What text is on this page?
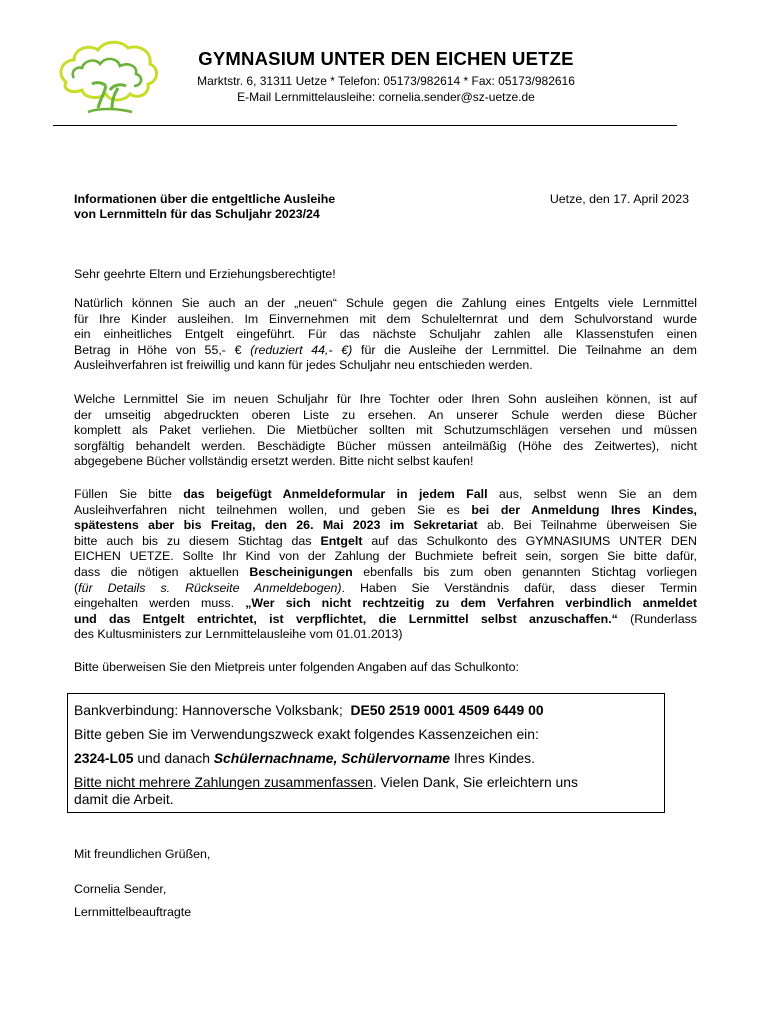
GYMNASIUM UNTER DEN EICHEN UETZE
Marktstr. 6, 31311 Uetze * Telefon: 05173/982614 * Fax: 05173/982616
E-Mail Lernmittelausleihe: cornelia.sender@sz-uetze.de
Informationen über die entgeltliche Ausleihe
von Lernmitteln für das Schuljahr 2023/24
Uetze, den 17. April 2023
Sehr geehrte Eltern und Erziehungsberechtigte!
Natürlich können Sie auch an der „neuen“ Schule gegen die Zahlung eines Entgelts viele Lernmittel
für Ihre Kinder ausleihen. Im Einvernehmen mit dem Schulelternrat und dem Schulvorstand wurde
ein einheitliches Entgelt eingeführt. Für das nächste Schuljahr zahlen alle Klassenstufen einen
Betrag in Höhe von 55,- € (reduziert 44,- €) für die Ausleihe der Lernmittel. Die Teilnahme an dem
Ausleihverfahren ist freiwillig und kann für jedes Schuljahr neu entschieden werden.
Welche Lernmittel Sie im neuen Schuljahr für Ihre Tochter oder Ihren Sohn ausleihen können, ist auf
der umseitig abgedruckten oberen Liste zu ersehen. An unserer Schule werden diese Bücher
komplett als Paket verliehen. Die Mietbücher sollten mit Schutzumschlägen versehen und müssen
sorgfältig behandelt werden. Beschädigte Bücher müssen anteilmäßig (Höhe des Zeitwertes), nicht
abgegebene Bücher vollständig ersetzt werden. Bitte nicht selbst kaufen!
Füllen Sie bitte das beigefügt Anmeldeformular in jedem Fall aus, selbst wenn Sie an dem
Ausleihverfahren nicht teilnehmen wollen, und geben Sie es bei der Anmeldung Ihres Kindes,
spätestens aber bis Freitag, den 26. Mai 2023 im Sekretariat ab. Bei Teilnahme überweisen Sie
bitte auch bis zu diesem Stichtag das Entgelt auf das Schulkonto des GYMNASIUMS UNTER DEN
EICHEN UETZE. Sollte Ihr Kind von der Zahlung der Buchmiete befreit sein, sorgen Sie bitte dafür,
dass die nötigen aktuellen Bescheinigungen ebenfalls bis zum oben genannten Stichtag vorliegen
(für Details s. Rückseite Anmeldebogen). Haben Sie Verständnis dafür, dass dieser Termin
eingehalten werden muss. „Wer sich nicht rechtzeitig zu dem Verfahren verbindlich anmeldet
und das Entgelt entrichtet, ist verpflichtet, die Lernmittel selbst anzuschaffen.“ (Runderlass
des Kultusministers zur Lernmittelausleihe vom 01.01.2013)
Bitte überweisen Sie den Mietpreis unter folgenden Angaben auf das Schulkonto:
Bankverbindung: Hannoversche Volksbank; DE50 2519 0001 4509 6449 00
Bitte geben Sie im Verwendungszweck exakt folgendes Kassenzeichen ein:
2324-L05 und danach Schülernachname, Schülervorname Ihres Kindes.
Bitte nicht mehrere Zahlungen zusammenfassen. Vielen Dank, Sie erleichtern uns
damit die Arbeit.
Mit freundlichen Grüßen,
Cornelia Sender,
Lernmittelbeauftragte
